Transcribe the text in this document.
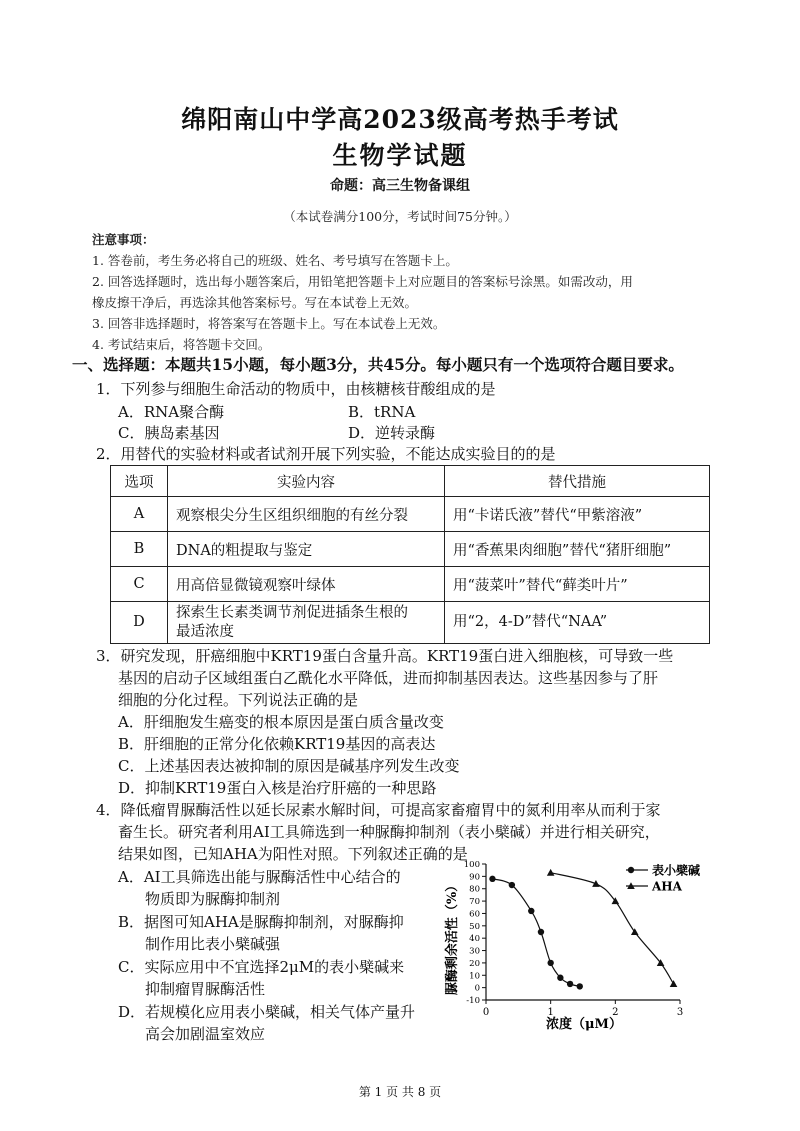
绵阳南山中学高2023级高考热手考试
生物学试题
命题：高三生物备课组
（本试卷满分100分，考试时间75分钟。）
注意事项：
1. 答卷前，考生务必将自己的班级、姓名、考号填写在答题卡上。
2. 回答选择题时，选出每小题答案后，用铅笔把答题卡上对应题目的答案标号涂黑。如需改动，用
橡皮擦干净后，再选涂其他答案标号。写在本试卷上无效。
3. 回答非选择题时，将答案写在答题卡上。写在本试卷上无效。
4. 考试结束后，将答题卡交回。
一、选择题：本题共15小题，每小题3分，共45分。每小题只有一个选项符合题目要求。
1．下列参与细胞生命活动的物质中，由核糖核苷酸组成的是
A．RNA聚合酶	B．tRNA
C．胰岛素基因	D．逆转录酶
2．用替代的实验材料或者试剂开展下列实验，不能达成实验目的的是
选项	实验内容	替代措施
A	观察根尖分生区组织细胞的有丝分裂	用“卡诺氏液”替代“甲紫溶液”
B	DNA的粗提取与鉴定	用“香蕉果肉细胞”替代“猪肝细胞”
C	用高倍显微镜观察叶绿体	用“菠菜叶”替代“藓类叶片”
D	探索生长素类调节剂促进插条生根的
最适浓度	用“2，4-D”替代“NAA”
3．研究发现，肝癌细胞中KRT19蛋白含量升高。KRT19蛋白进入细胞核，可导致一些
基因的启动子区域组蛋白乙酰化水平降低，进而抑制基因表达。这些基因参与了肝
细胞的分化过程。下列说法正确的是
A．肝细胞发生癌变的根本原因是蛋白质含量改变
B．肝细胞的正常分化依赖KRT19基因的高表达
C．上述基因表达被抑制的原因是碱基序列发生改变
D．抑制KRT19蛋白入核是治疗肝癌的一种思路
4．降低瘤胃脲酶活性以延长尿素水解时间，可提高家畜瘤胃中的氮利用率从而利于家
畜生长。研究者利用AI工具筛选到一种脲酶抑制剂（表小檗碱）并进行相关研究，
结果如图，已知AHA为阳性对照。下列叙述正确的是
A．AI工具筛选出能与脲酶活性中心结合的
物质即为脲酶抑制剂
B．据图可知AHA是脲酶抑制剂，对脲酶抑
制作用比表小檗碱强
C．实际应用中不宜选择2μM的表小檗碱来
抑制瘤胃脲酶活性
D．若规模化应用表小檗碱，相关气体产量升
高会加剧温室效应
脲酶剩余活性（%）
浓度（μM）
0	1	2	3
-10
0
10
20
30
40
50
60
70
80
90
100	表小檗碱
AHA
第 1 页 共 8 页
